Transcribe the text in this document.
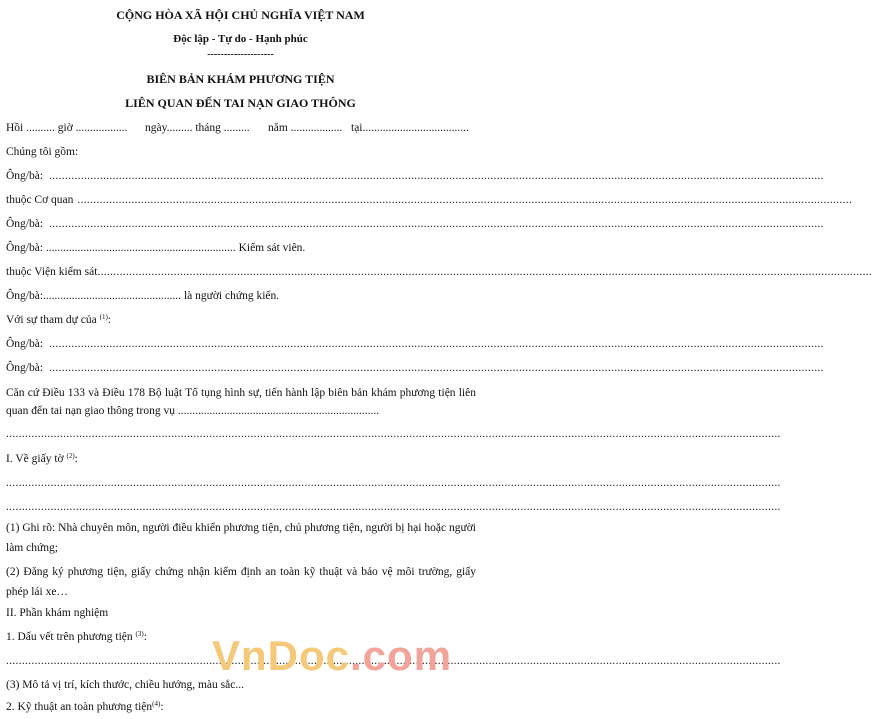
CỘNG HÒA XÃ HỘI CHỦ NGHĨA VIỆT NAM
Độc lập - Tự do - Hạnh phúc
--------------------
BIÊN BẢN KHÁM PHƯƠNG TIỆN
LIÊN QUAN ĐẾN TAI NẠN GIAO THÔNG
Hồi .......... giờ .................. ngày......... tháng ......... năm .................. tại.....................................
Chúng tôi gồm:
Ông/bà: ....................................................................................................................................................................................................................................................
thuộc Cơ quan ....................................................................................................................................................................................................................................................
Ông/bà: ....................................................................................................................................................................................................................................................
Ông/bà: .................................................................. Kiểm sát viên.
thuộc Viện kiểm sát ....................................................................................................................................................................................................................................................
Ông/bà:................................................ là người chứng kiến.
Với sự tham dự của $^{(1)}$:
Ông/bà: ....................................................................................................................................................................................................................................................
Ông/bà: ....................................................................................................................................................................................................................................................
Căn cứ Điều 133 và Điều 178 Bộ luật Tố tụng hình sự, tiến hành lập biên bản khám phương tiện liên quan đến tai nạn giao thông trong vụ ......................................................................
....................................................................................................................................................................................................................................................
I. Về giấy tờ $^{(2)}$:
....................................................................................................................................................................................................................................................
....................................................................................................................................................................................................................................................
(1) Ghi rõ: Nhà chuyên môn, người điều khiển phương tiện, chủ phương tiện, người bị hại hoặc người làm chứng;
(2) Đăng ký phương tiện, giấy chứng nhận kiểm định an toàn kỹ thuật và bảo vệ môi trường, giấy phép lái xe…
II. Phần khám nghiệm
1. Dấu vết trên phương tiện $^{(3)}$:
....................................................................................................................................................................................................................................................
(3) Mô tả vị trí, kích thước, chiều hướng, màu sắc...
2. Kỹ thuật an toàn phương tiện$^{(4)}$:
VnDoc.com
